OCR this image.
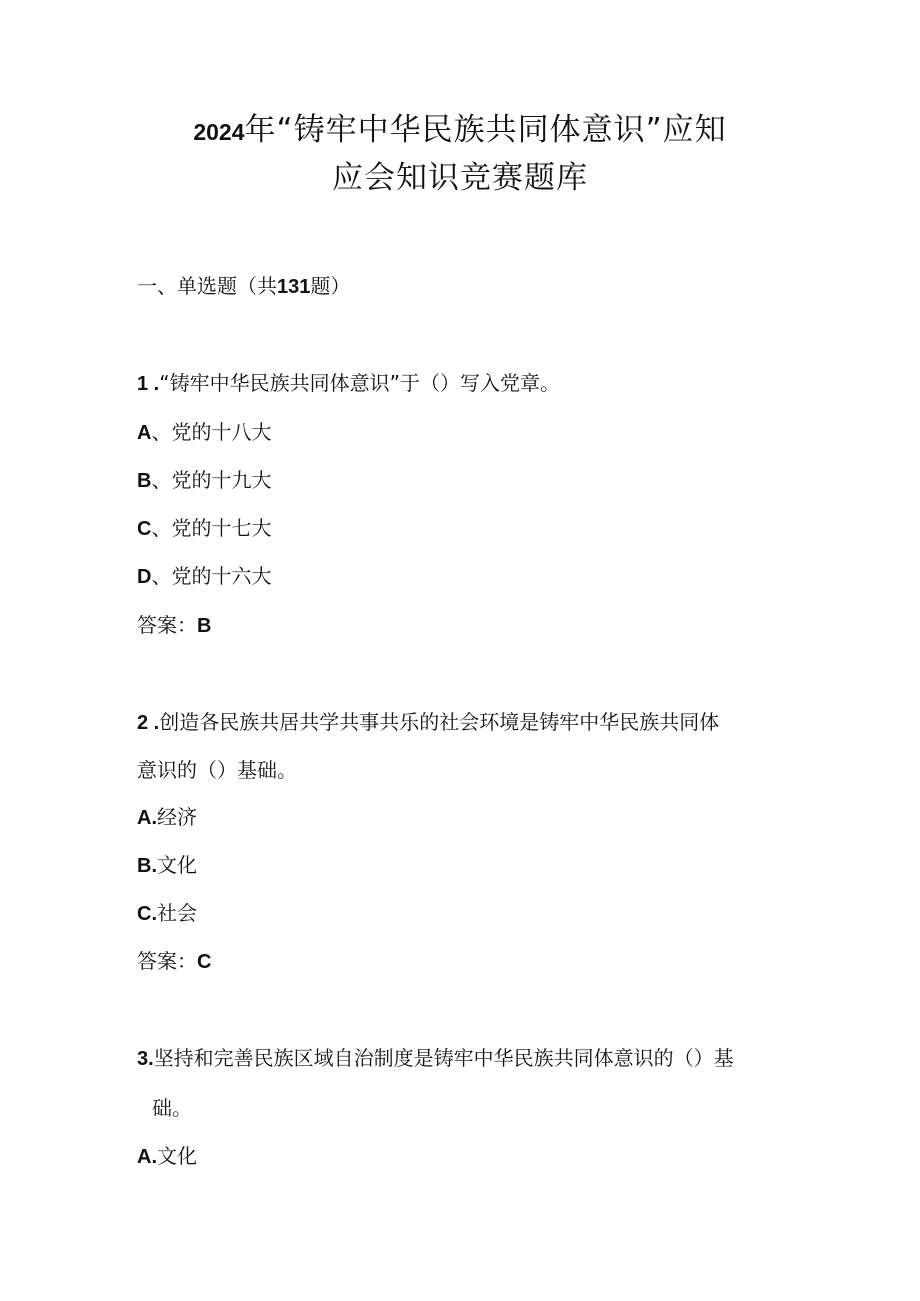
2024年“铸牢中华民族共同体意识”应知
应会知识竞赛题库
一、单选题（共131题）
1 .“铸牢中华民族共同体意识”于（）写入党章。
A、党的十八大
B、党的十九大
C、党的十七大
D、党的十六大
答案：B
2 .创造各民族共居共学共事共乐的社会环境是铸牢中华民族共同体
意识的（）基础。
A.经济
B.文化
C.社会
答案：C
3.坚持和完善民族区域自治制度是铸牢中华民族共同体意识的（）基
础。
A.文化
